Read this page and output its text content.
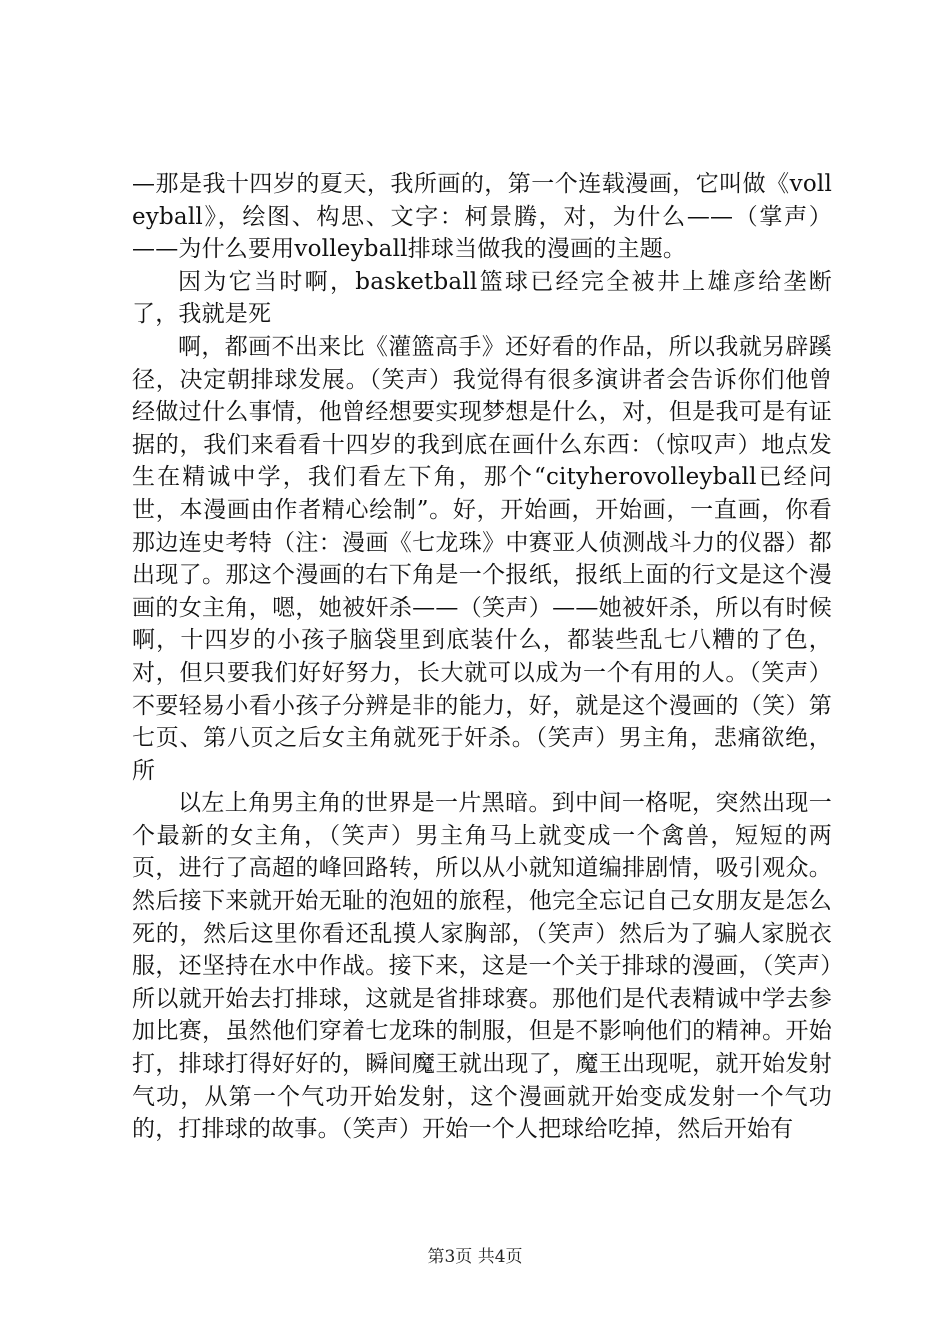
—那是我十四岁的夏天，我所画的，第一个连载漫画，它叫做《volleyball》，绘图、构思、文字：柯景腾，对，为什么——（掌声）——为什么要用volleyball排球当做我的漫画的主题。

因为它当时啊，basketball篮球已经完全被井上雄彦给垄断了，我就是死

啊，都画不出来比《灌篮高手》还好看的作品，所以我就另辟蹊径，决定朝排球发展。（笑声）我觉得有很多演讲者会告诉你们他曾经做过什么事情，他曾经想要实现梦想是什么，对，但是我可是有证据的，我们来看看十四岁的我到底在画什么东西：（惊叹声）地点发生在精诚中学，我们看左下角，那个“cityherovolleyball已经问世，本漫画由作者精心绘制”。好，开始画，开始画，一直画，你看那边连史考特（注：漫画《七龙珠》中赛亚人侦测战斗力的仪器）都出现了。那这个漫画的右下角是一个报纸，报纸上面的行文是这个漫画的女主角，嗯，她被奸杀——（笑声）——她被奸杀，所以有时候啊，十四岁的小孩子脑袋里到底装什么，都装些乱七八糟的了色，对，但只要我们好好努力，长大就可以成为一个有用的人。（笑声）不要轻易小看小孩子分辨是非的能力，好，就是这个漫画的（笑）第七页、第八页之后女主角就死于奸杀。（笑声）男主角，悲痛欲绝，所

以左上角男主角的世界是一片黑暗。到中间一格呢，突然出现一个最新的女主角，（笑声）男主角马上就变成一个禽兽，短短的两页，进行了高超的峰回路转，所以从小就知道编排剧情，吸引观众。然后接下来就开始无耻的泡妞的旅程，他完全忘记自己女朋友是怎么死的，然后这里你看还乱摸人家胸部，（笑声）然后为了骗人家脱衣服，还坚持在水中作战。接下来，这是一个关于排球的漫画，（笑声）所以就开始去打排球，这就是省排球赛。那他们是代表精诚中学去参加比赛，虽然他们穿着七龙珠的制服，但是不影响他们的精神。开始打，排球打得好好的，瞬间魔王就出现了，魔王出现呢，就开始发射气功，从第一个气功开始发射，这个漫画就开始变成发射一个气功的，打排球的故事。（笑声）开始一个人把球给吃掉，然后开始有

第3页 共4页
